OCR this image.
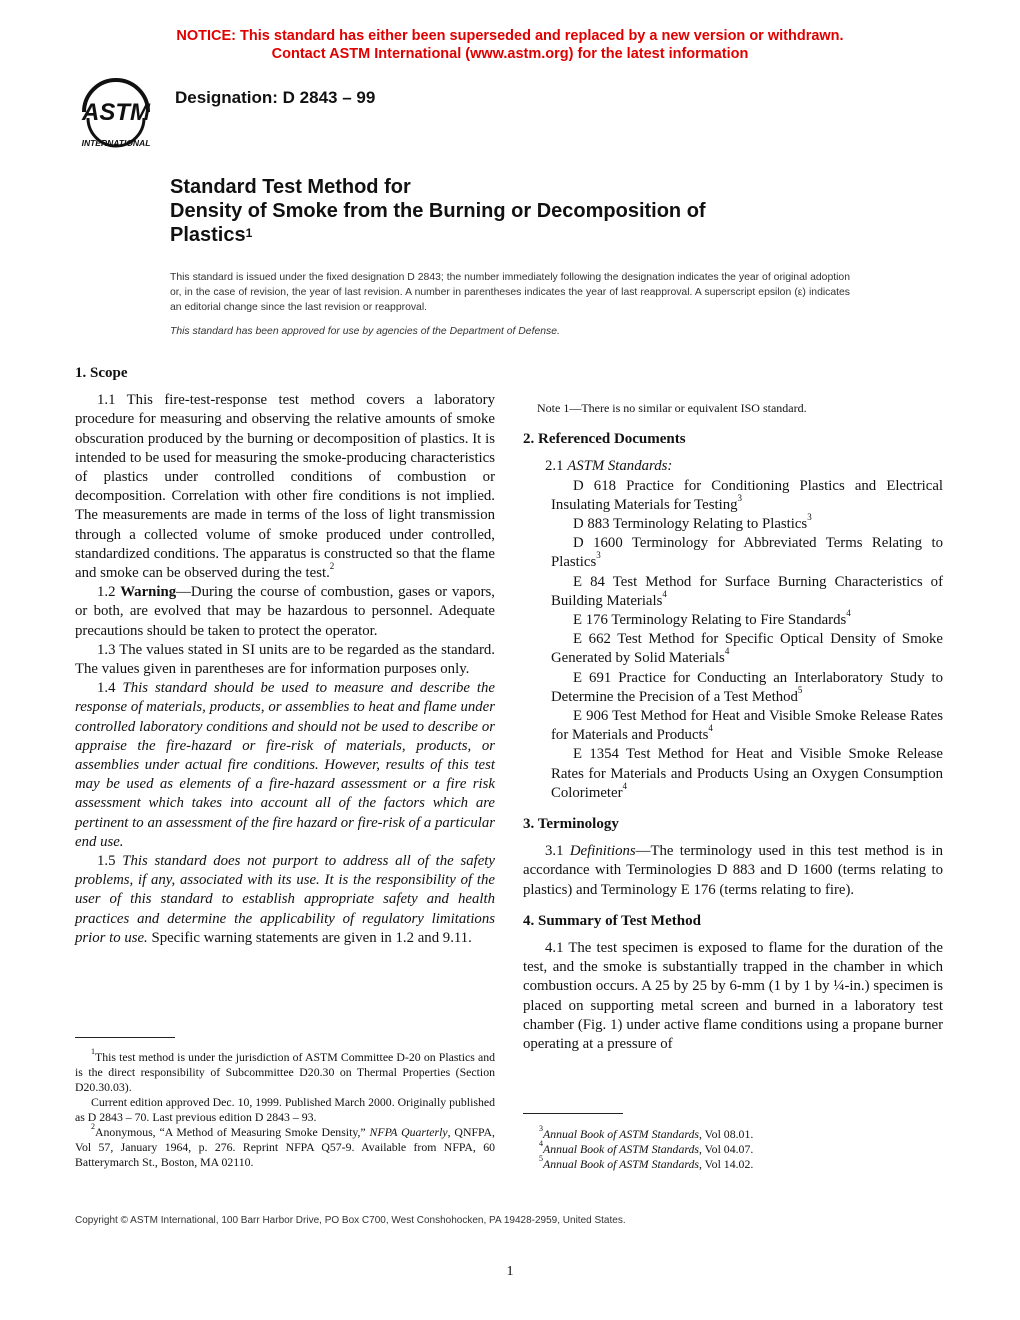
NOTICE: This standard has either been superseded and replaced by a new version or withdrawn.
Contact ASTM International (www.astm.org) for the latest information
ASTM
INTERNATIONAL
Designation: D 2843 – 99
Standard Test Method for
Density of Smoke from the Burning or Decomposition of
Plastics$^1$
This standard is issued under the fixed designation D 2843; the number immediately following the designation indicates the year of original adoption or, in the case of revision, the year of last revision. A number in parentheses indicates the year of last reapproval. A superscript epsilon (ε) indicates an editorial change since the last revision or reapproval.
This standard has been approved for use by agencies of the Department of Defense.
1. Scope

1.1 This fire-test-response test method covers a laboratory procedure for measuring and observing the relative amounts of smoke obscuration produced by the burning or decomposition of plastics. It is intended to be used for measuring the smoke-producing characteristics of plastics under controlled conditions of combustion or decomposition. Correlation with other fire conditions is not implied. The measurements are made in terms of the loss of light transmission through a collected volume of smoke produced under controlled, standardized conditions. The apparatus is constructed so that the flame and smoke can be observed during the test.$^2$

1.2 Warning—During the course of combustion, gases or vapors, or both, are evolved that may be hazardous to personnel. Adequate precautions should be taken to protect the operator.

1.3 The values stated in SI units are to be regarded as the standard. The values given in parentheses are for information purposes only.

1.4 This standard should be used to measure and describe the response of materials, products, or assemblies to heat and flame under controlled laboratory conditions and should not be used to describe or appraise the fire-hazard or fire-risk of materials, products, or assemblies under actual fire conditions. However, results of this test may be used as elements of a fire-hazard assessment or a fire risk assessment which takes into account all of the factors which are pertinent to an assessment of the fire hazard or fire-risk of a particular end use.

1.5 This standard does not purport to address all of the safety problems, if any, associated with its use. It is the responsibility of the user of this standard to establish appropriate safety and health practices and determine the applicability of regulatory limitations prior to use. Specific warning statements are given in 1.2 and 9.11.

Note 1—There is no similar or equivalent ISO standard.

2. Referenced Documents

2.1 ASTM Standards:

D 618 Practice for Conditioning Plastics and Electrical Insulating Materials for Testing$^3$

D 883 Terminology Relating to Plastics$^3$

D 1600 Terminology for Abbreviated Terms Relating to Plastics$^3$

E 84 Test Method for Surface Burning Characteristics of Building Materials$^4$

E 176 Terminology Relating to Fire Standards$^4$

E 662 Test Method for Specific Optical Density of Smoke Generated by Solid Materials$^4$

E 691 Practice for Conducting an Interlaboratory Study to Determine the Precision of a Test Method$^5$

E 906 Test Method for Heat and Visible Smoke Release Rates for Materials and Products$^4$

E 1354 Test Method for Heat and Visible Smoke Release Rates for Materials and Products Using an Oxygen Consumption Colorimeter$^4$

3. Terminology

3.1 Definitions—The terminology used in this test method is in accordance with Terminologies D 883 and D 1600 (terms relating to plastics) and Terminology E 176 (terms relating to fire).

4. Summary of Test Method

4.1 The test specimen is exposed to flame for the duration of the test, and the smoke is substantially trapped in the chamber in which combustion occurs. A 25 by 25 by 6-mm (1 by 1 by ¼-in.) specimen is placed on supporting metal screen and burned in a laboratory test chamber (Fig. 1) under active flame conditions using a propane burner operating at a pressure of

$^1$This test method is under the jurisdiction of ASTM Committee D-20 on Plastics and is the direct responsibility of Subcommittee D20.30 on Thermal Properties (Section D20.30.03).

Current edition approved Dec. 10, 1999. Published March 2000. Originally published as D 2843 – 70. Last previous edition D 2843 – 93.

$^2$Anonymous, “A Method of Measuring Smoke Density,” NFPA Quarterly, QNFPA, Vol 57, January 1964, p. 276. Reprint NFPA Q57-9. Available from NFPA, 60 Batterymarch St., Boston, MA 02110.

$^3$Annual Book of ASTM Standards, Vol 08.01.

$^4$Annual Book of ASTM Standards, Vol 04.07.

$^5$Annual Book of ASTM Standards, Vol 14.02.

Copyright © ASTM International, 100 Barr Harbor Drive, PO Box C700, West Conshohocken, PA 19428-2959, United States.
1
